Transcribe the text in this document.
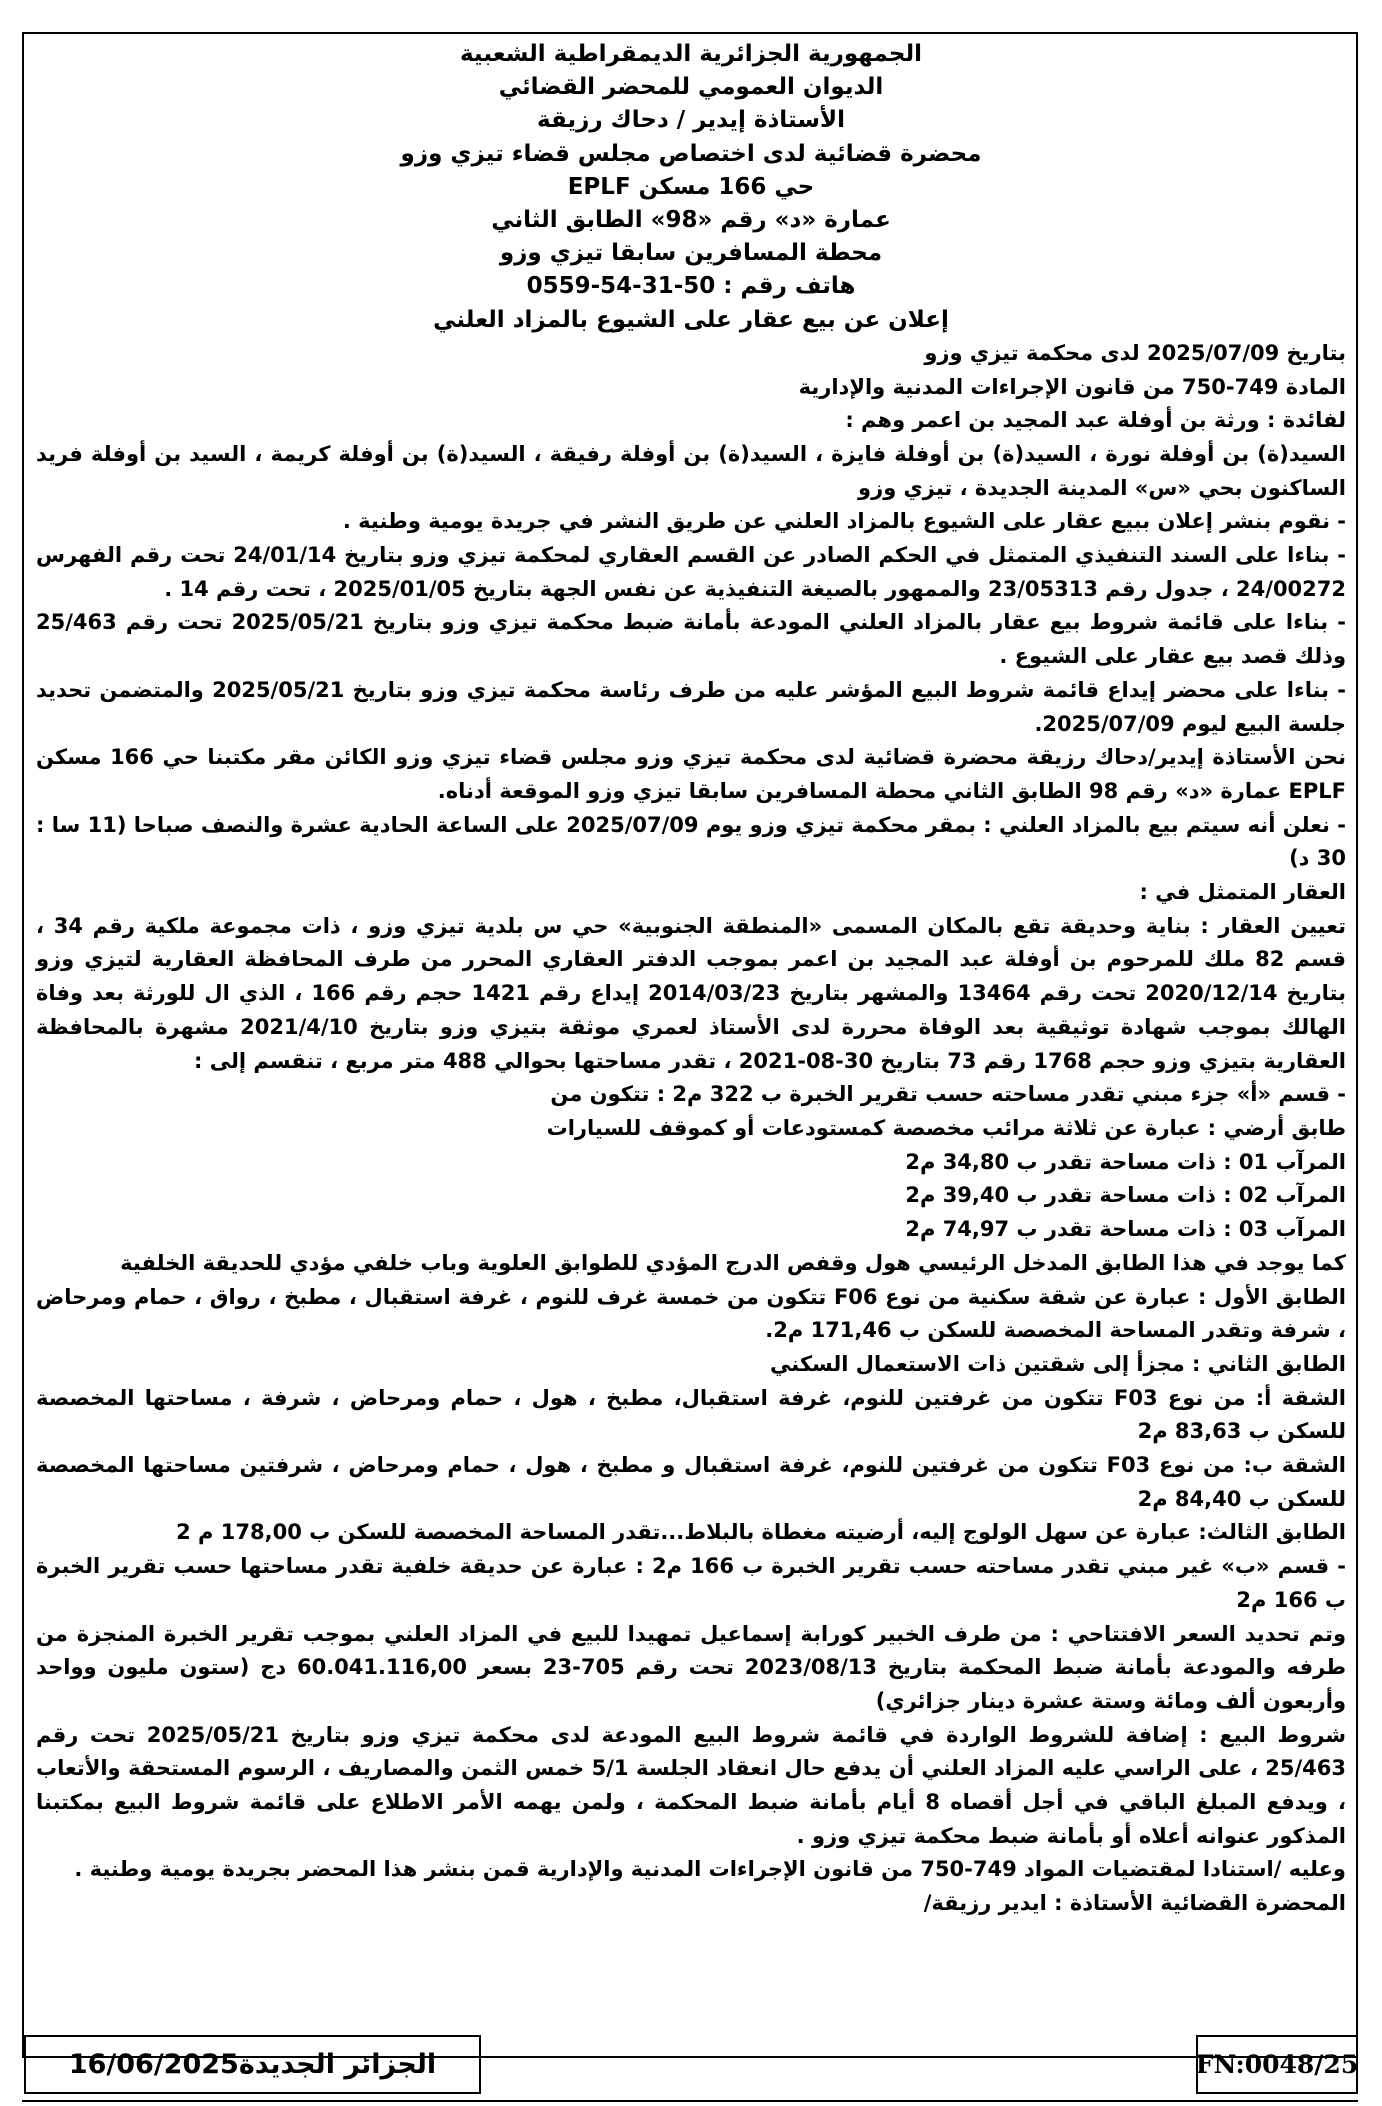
الجمهورية الجزائرية الديمقراطية الشعبية
الديوان العمومي للمحضر القضائي
الأستاذة إيدير / دحاك رزيقة
محضرة قضائية لدى اختصاص مجلس قضاء تيزي وزو
حي 166 مسكن EPLF
عمارة «د» رقم «98» الطابق الثاني
محطة المسافرين سابقا تيزي وزو
هاتف رقم : 50-31-54-0559
إعلان عن بيع عقار على الشيوع بالمزاد العلني

بتاريخ 2025/07/09 لدى محكمة تيزي وزو

المادة 749-750 من قانون الإجراءات المدنية والإدارية

لفائدة : ورثة بن أوفلة عبد المجيد بن اعمر وهم :

السيد(ة) بن أوفلة نورة ، السيد(ة) بن أوفلة فايزة ، السيد(ة) بن أوفلة رفيقة ، السيد(ة) بن أوفلة كريمة ، السيد بن أوفلة فريد الساكنون بحي «س» المدينة الجديدة ، تيزي وزو

- نقوم بنشر إعلان ببيع عقار على الشيوع بالمزاد العلني عن طريق النشر في جريدة يومية وطنية .

- بناءا على السند التنفيذي المتمثل في الحكم الصادر عن القسم العقاري لمحكمة تيزي وزو بتاريخ 24/01/14 تحت رقم الفهرس 24/00272 ، جدول رقم 23/05313 والممهور بالصيغة التنفيذية عن نفس الجهة بتاريخ 2025/01/05 ، تحت رقم 14 .

- بناءا على قائمة شروط بيع عقار بالمزاد العلني المودعة بأمانة ضبط محكمة تيزي وزو بتاريخ 2025/05/21 تحت رقم 25/463 وذلك قصد بيع عقار على الشيوع .

- بناءا على محضر إيداع قائمة شروط البيع المؤشر عليه من طرف رئاسة محكمة تيزي وزو بتاريخ 2025/05/21 والمتضمن تحديد جلسة البيع ليوم 2025/07/09.

نحن الأستاذة إيدير/دحاك رزيقة محضرة قضائية لدى محكمة تيزي وزو مجلس قضاء تيزي وزو الكائن مقر مكتبنا حي 166 مسكن EPLF عمارة «د» رقم 98 الطابق الثاني محطة المسافرين سابقا تيزي وزو الموقعة أدناه.

- نعلن أنه سيتم بيع بالمزاد العلني : بمقر محكمة تيزي وزو يوم 2025/07/09 على الساعة الحادية عشرة والنصف صباحا (11 سا : 30 د)

العقار المتمثل في :

تعيين العقار : بناية وحديقة تقع بالمكان المسمى «المنطقة الجنوبية» حي س بلدية تيزي وزو ، ذات مجموعة ملكية رقم 34 ، قسم 82 ملك للمرحوم بن أوفلة عبد المجيد بن اعمر بموجب الدفتر العقاري المحرر من طرف المحافظة العقارية لتيزي وزو بتاريخ 2020/12/14 تحت رقم 13464 والمشهر بتاريخ 2014/03/23 إيداع رقم 1421 حجم رقم 166 ، الذي ال للورثة بعد وفاة الهالك بموجب شهادة توثيقية بعد الوفاة محررة لدى الأستاذ لعمري موثقة بتيزي وزو بتاريخ 2021/4/10 مشهرة بالمحافظة العقارية بتيزي وزو حجم 1768 رقم 73 بتاريخ 30-08-2021 ، تقدر مساحتها بحوالي 488 متر مربع ، تنقسم إلى :

- قسم «أ» جزء مبني تقدر مساحته حسب تقرير الخبرة ب 322 م2 : تتكون من

طابق أرضي : عبارة عن ثلاثة مرائب مخصصة كمستودعات أو كموقف للسيارات

المرآب 01 : ذات مساحة تقدر ب 34,80 م2

المرآب 02 : ذات مساحة تقدر ب 39,40 م2

المرآب 03 : ذات مساحة تقدر ب 74,97 م2

كما يوجد في هذا الطابق المدخل الرئيسي هول وقفص الدرج المؤدي للطوابق العلوية وباب خلفي مؤدي للحديقة الخلفية

الطابق الأول : عبارة عن شقة سكنية من نوع F06 تتكون من خمسة غرف للنوم ، غرفة استقبال ، مطبخ ، رواق ، حمام ومرحاض ، شرفة وتقدر المساحة المخصصة للسكن ب 171,46 م2.

الطابق الثاني : مجزأ إلى شقتين ذات الاستعمال السكني

الشقة أ: من نوع F03 تتكون من غرفتين للنوم، غرفة استقبال، مطبخ ، هول ، حمام ومرحاض ، شرفة ، مساحتها المخصصة للسكن ب 83,63 م2

الشقة ب: من نوع F03 تتكون من غرفتين للنوم، غرفة استقبال و مطبخ ، هول ، حمام ومرحاض ، شرفتين مساحتها المخصصة للسكن ب 84,40 م2

الطابق الثالث: عبارة عن سهل الولوج إليه، أرضيته مغطاة بالبلاط...تقدر المساحة المخصصة للسكن ب 178,00 م 2

- قسم «ب» غير مبني تقدر مساحته حسب تقرير الخبرة ب 166 م2 : عبارة عن حديقة خلفية تقدر مساحتها حسب تقرير الخبرة ب 166 م2

وتم تحديد السعر الافتتاحي : من طرف الخبير كورابة إسماعيل تمهيدا للبيع في المزاد العلني بموجب تقرير الخبرة المنجزة من طرفه والمودعة بأمانة ضبط المحكمة بتاريخ 2023/08/13 تحت رقم 705-23 بسعر 60.041.116,00 دج (ستون مليون وواحد وأربعون ألف ومائة وستة عشرة دينار جزائري)

شروط البيع : إضافة للشروط الواردة في قائمة شروط البيع المودعة لدى محكمة تيزي وزو بتاريخ 2025/05/21 تحت رقم 25/463 ، على الراسي عليه المزاد العلني أن يدفع حال انعقاد الجلسة 5/1 خمس الثمن والمصاريف ، الرسوم المستحقة والأتعاب ، ويدفع المبلغ الباقي في أجل أقصاه 8 أيام بأمانة ضبط المحكمة ، ولمن يهمه الأمر الاطلاع على قائمة شروط البيع بمكتبنا المذكور عنوانه أعلاه أو بأمانة ضبط محكمة تيزي وزو .

وعليه /استنادا لمقتضيات المواد 749-750 من قانون الإجراءات المدنية والإدارية قمن بنشر هذا المحضر بجريدة يومية وطنية .

المحضرة القضائية الأستاذة : ايدير رزيقة/

الجزائر الجديدة16/06/2025	FN:0048/25
